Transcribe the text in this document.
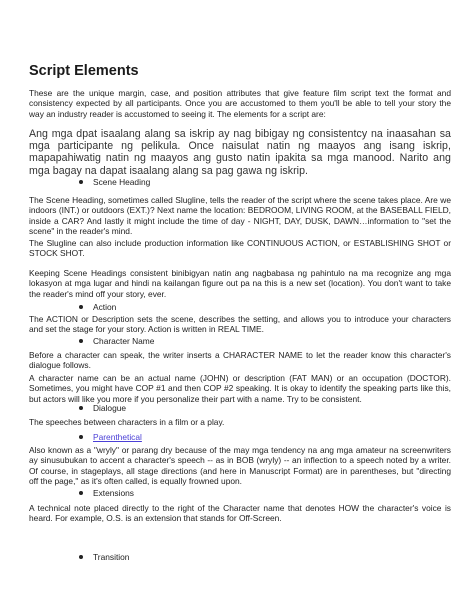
Script Elements

These are the unique margin, case, and position attributes that give feature film script text the format and consistency expected by all participants. Once you are accustomed to them you'll be able to tell your story the way an industry reader is accustomed to seeing it. The elements for a script are:

Ang mga dpat isaalang alang sa iskrip ay nag bibigay ng consistentcy na inaasahan sa mga participante ng pelikula. Once naisulat natin ng maayos ang isang iskrip, mapapahiwatig natin ng maayos ang gusto natin ipakita sa mga manood. Narito ang mga bagay na dapat isaalang alang sa pag gawa ng iskrip.

Scene Heading

The Scene Heading, sometimes called Slugline, tells the reader of the script where the scene takes place. Are we indoors (INT.) or outdoors (EXT.)? Next name the location: BEDROOM, LIVING ROOM, at the BASEBALL FIELD, inside a CAR? And lastly it might include the time of day - NIGHT, DAY, DUSK, DAWN…information to "set the scene" in the reader's mind.

The Slugline can also include production information like CONTINUOUS ACTION, or ESTABLISHING SHOT or STOCK SHOT.

Keeping Scene Headings consistent binibigyan natin ang nagbabasa ng pahintulo na ma recognize ang mga lokasyon at mga lugar and hindi na kailangan figure out pa na this is a new set (location). You don't want to take the reader's mind off your story, ever.

Action

The ACTION or Description sets the scene, describes the setting, and allows you to introduce your characters and set the stage for your story. Action is written in REAL TIME.

Character Name

Before a character can speak, the writer inserts a CHARACTER NAME to let the reader know this character's dialogue follows.

A character name can be an actual name (JOHN) or description (FAT MAN) or an occupation (DOCTOR). Sometimes, you might have COP #1 and then COP #2 speaking. It is okay to identify the speaking parts like this, but actors will like you more if you personalize their part with a name. Try to be consistent.

Dialogue

The speeches between characters in a film or a play.

Parenthetical

Also known as a "wryly" or parang dry because of the may mga tendency na ang mga amateur na screenwriters ay sinusubukan to accent a character's speech -- as in BOB (wryly) -- an inflection to a speech noted by a writer. Of course, in stageplays, all stage directions (and here in Manuscript Format) are in parentheses, but "directing off the page," as it's often called, is equally frowned upon.

Extensions

A technical note placed directly to the right of the Character name that denotes HOW the character's voice is heard. For example, O.S. is an extension that stands for Off-Screen.

Transition
